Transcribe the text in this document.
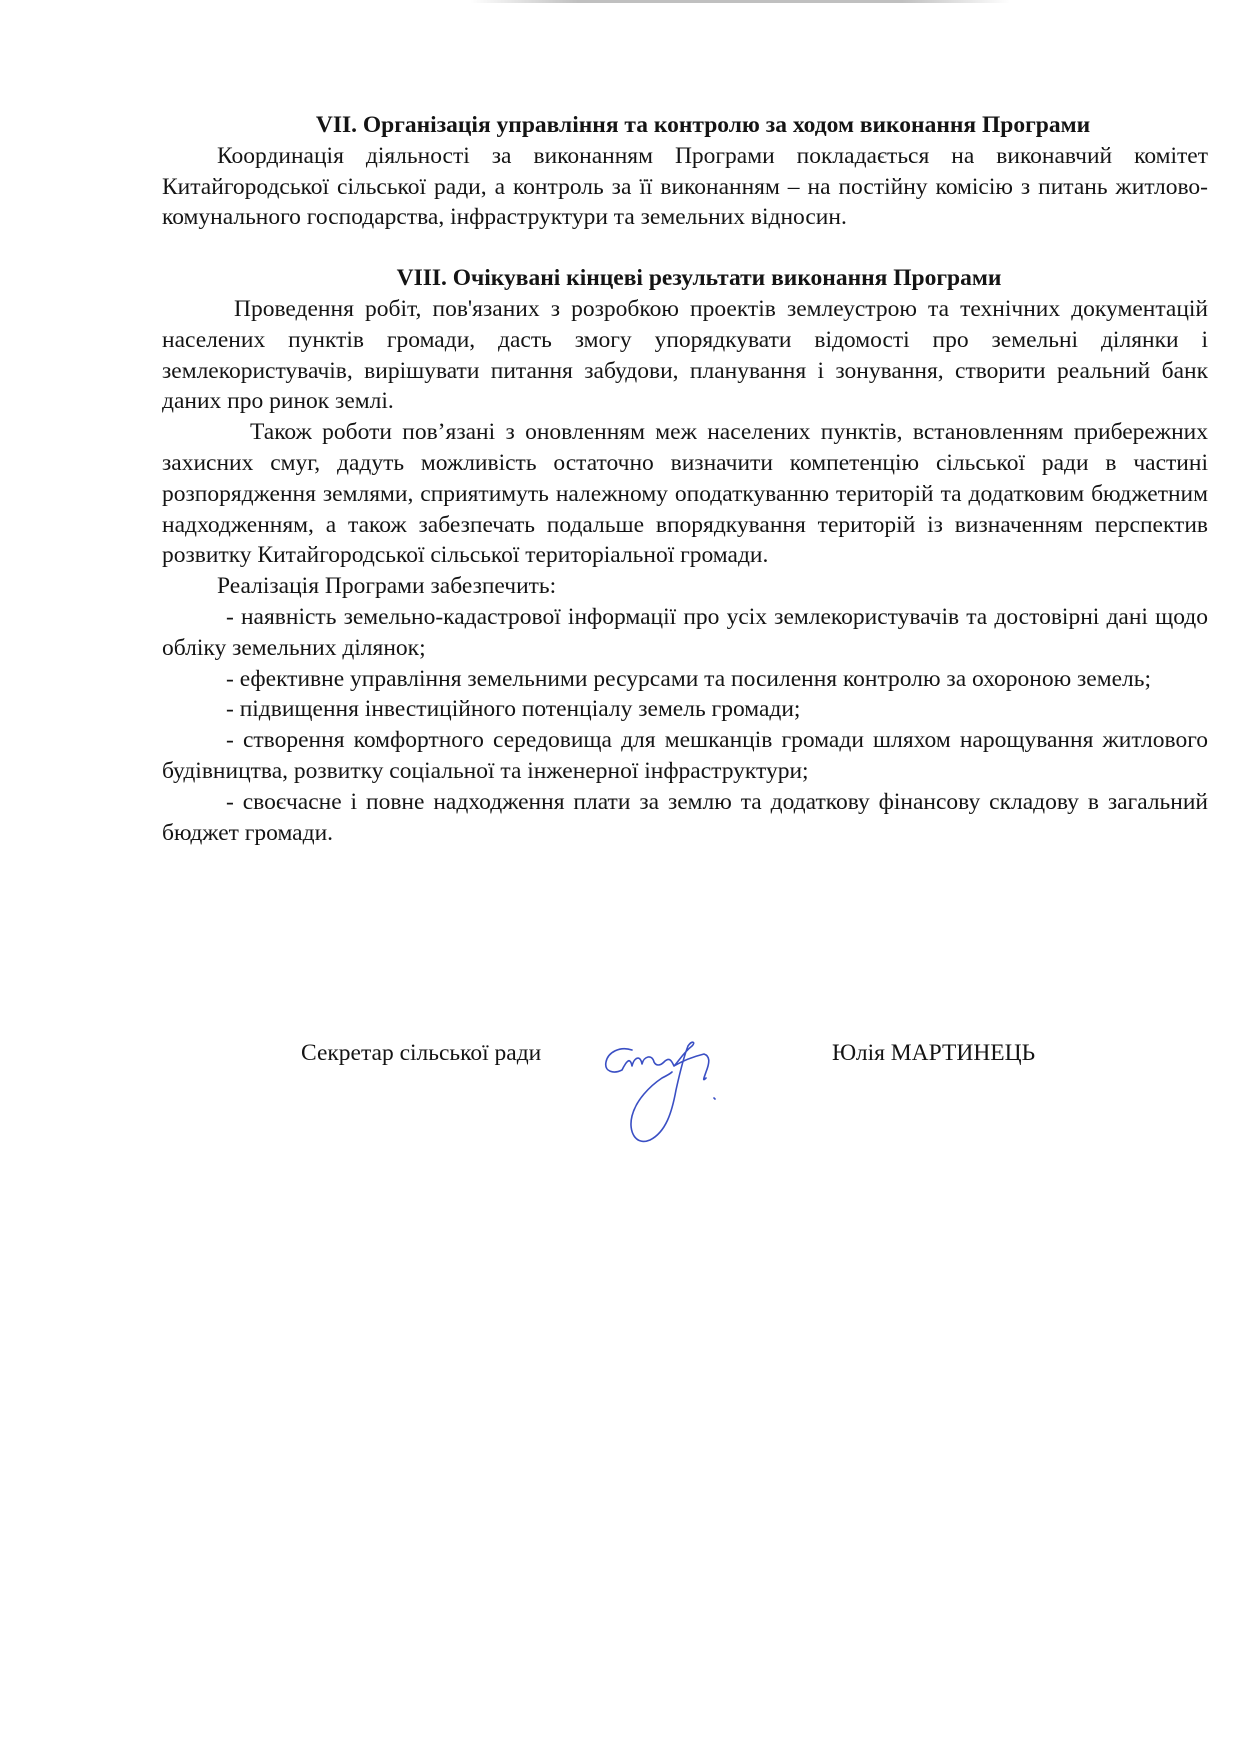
VII. Організація управління та контролю за ходом виконання Програми

Координація діяльності за виконанням Програми покладається на виконавчий комітет Китайгородської сільської ради, а контроль за її виконанням – на постійну комісію з питань житлово-комунального господарства, інфраструктури та земельних відносин.

VIII. Очікувані кінцеві результати виконання Програми

Проведення робіт, пов'язаних з розробкою проектів землеустрою та технічних документацій населених пунктів громади, дасть змогу упорядкувати відомості про земельні ділянки і землекористувачів, вирішувати питання забудови, планування і зонування, створити реальний банк даних про ринок землі.

Також роботи пов’язані з оновленням меж населених пунктів, встановленням прибережних захисних смуг, дадуть можливість остаточно визначити компетенцію сільської ради в частині розпорядження землями, сприятимуть належному оподаткуванню територій та додатковим бюджетним надходженням, а також забезпечать подальше впорядкування територій із визначенням перспектив розвитку Китайгородської сільської територіальної громади.

Реалізація Програми забезпечить:

- наявність земельно-кадастрової інформації про усіх землекористувачів та достовірні дані щодо обліку земельних ділянок;
- ефективне управління земельними ресурсами та посилення контролю за охороною земель;
- підвищення інвестиційного потенціалу земель громади;
- створення комфортного середовища для мешканців громади шляхом нарощування житлового будівництва, розвитку соціальної та інженерної інфраструктури;
- своєчасне і повне надходження плати за землю та додаткову фінансову складову в загальний бюджет громади.
Секретар сільської ради	Юлія МАРТИНЕЦЬ
